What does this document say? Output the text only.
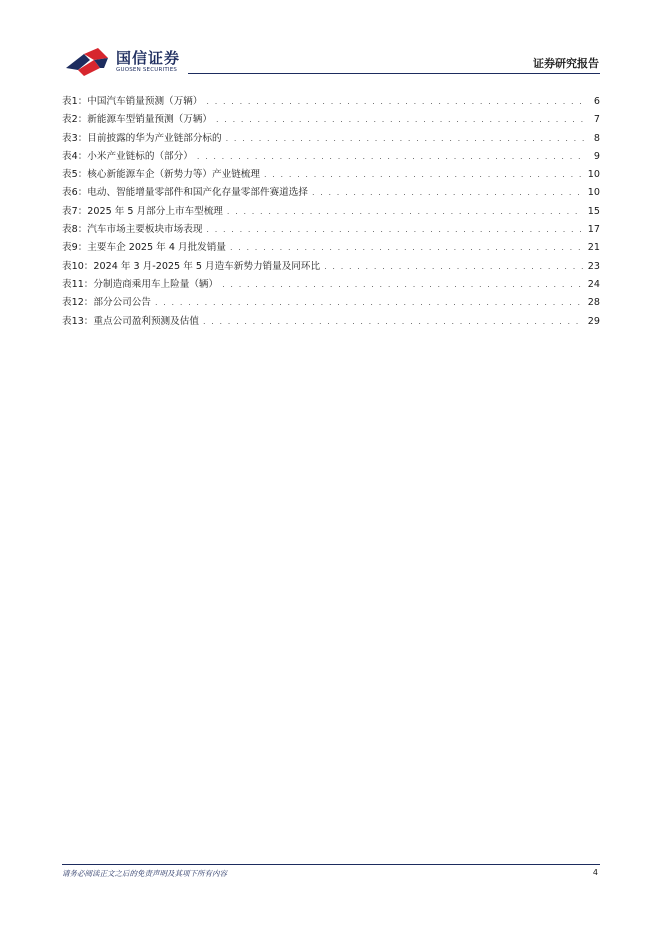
国信证券
GUOSEN SECURITIES	证券研究报告
表1： 中国汽车销量预测（万辆） . . .	6
表2： 新能源车型销量预测（万辆） . . .	7
表3： 目前披露的华为产业链部分标的 . . .	8
表4： 小米产业链标的（部分） . . .	9
表5： 核心新能源车企（新势力等）产业链梳理 . . .	10
表6： 电动、智能增量零部件和国产化存量零部件赛道选择 . . .	10
表7： 2025 年 5 月部分上市车型梳理 . . .	15
表8： 汽车市场主要板块市场表现 . . .	17
表9： 主要车企 2025 年 4 月批发销量 . . .	21
表10： 2024 年 3 月-2025 年 5 月造车新势力销量及同环比 . . .	23
表11： 分制造商乘用车上险量（辆） . . .	24
表12： 部分公司公告 . . .	28
表13： 重点公司盈利预测及估值 . . .	29
请务必阅读正文之后的免责声明及其项下所有内容	4
